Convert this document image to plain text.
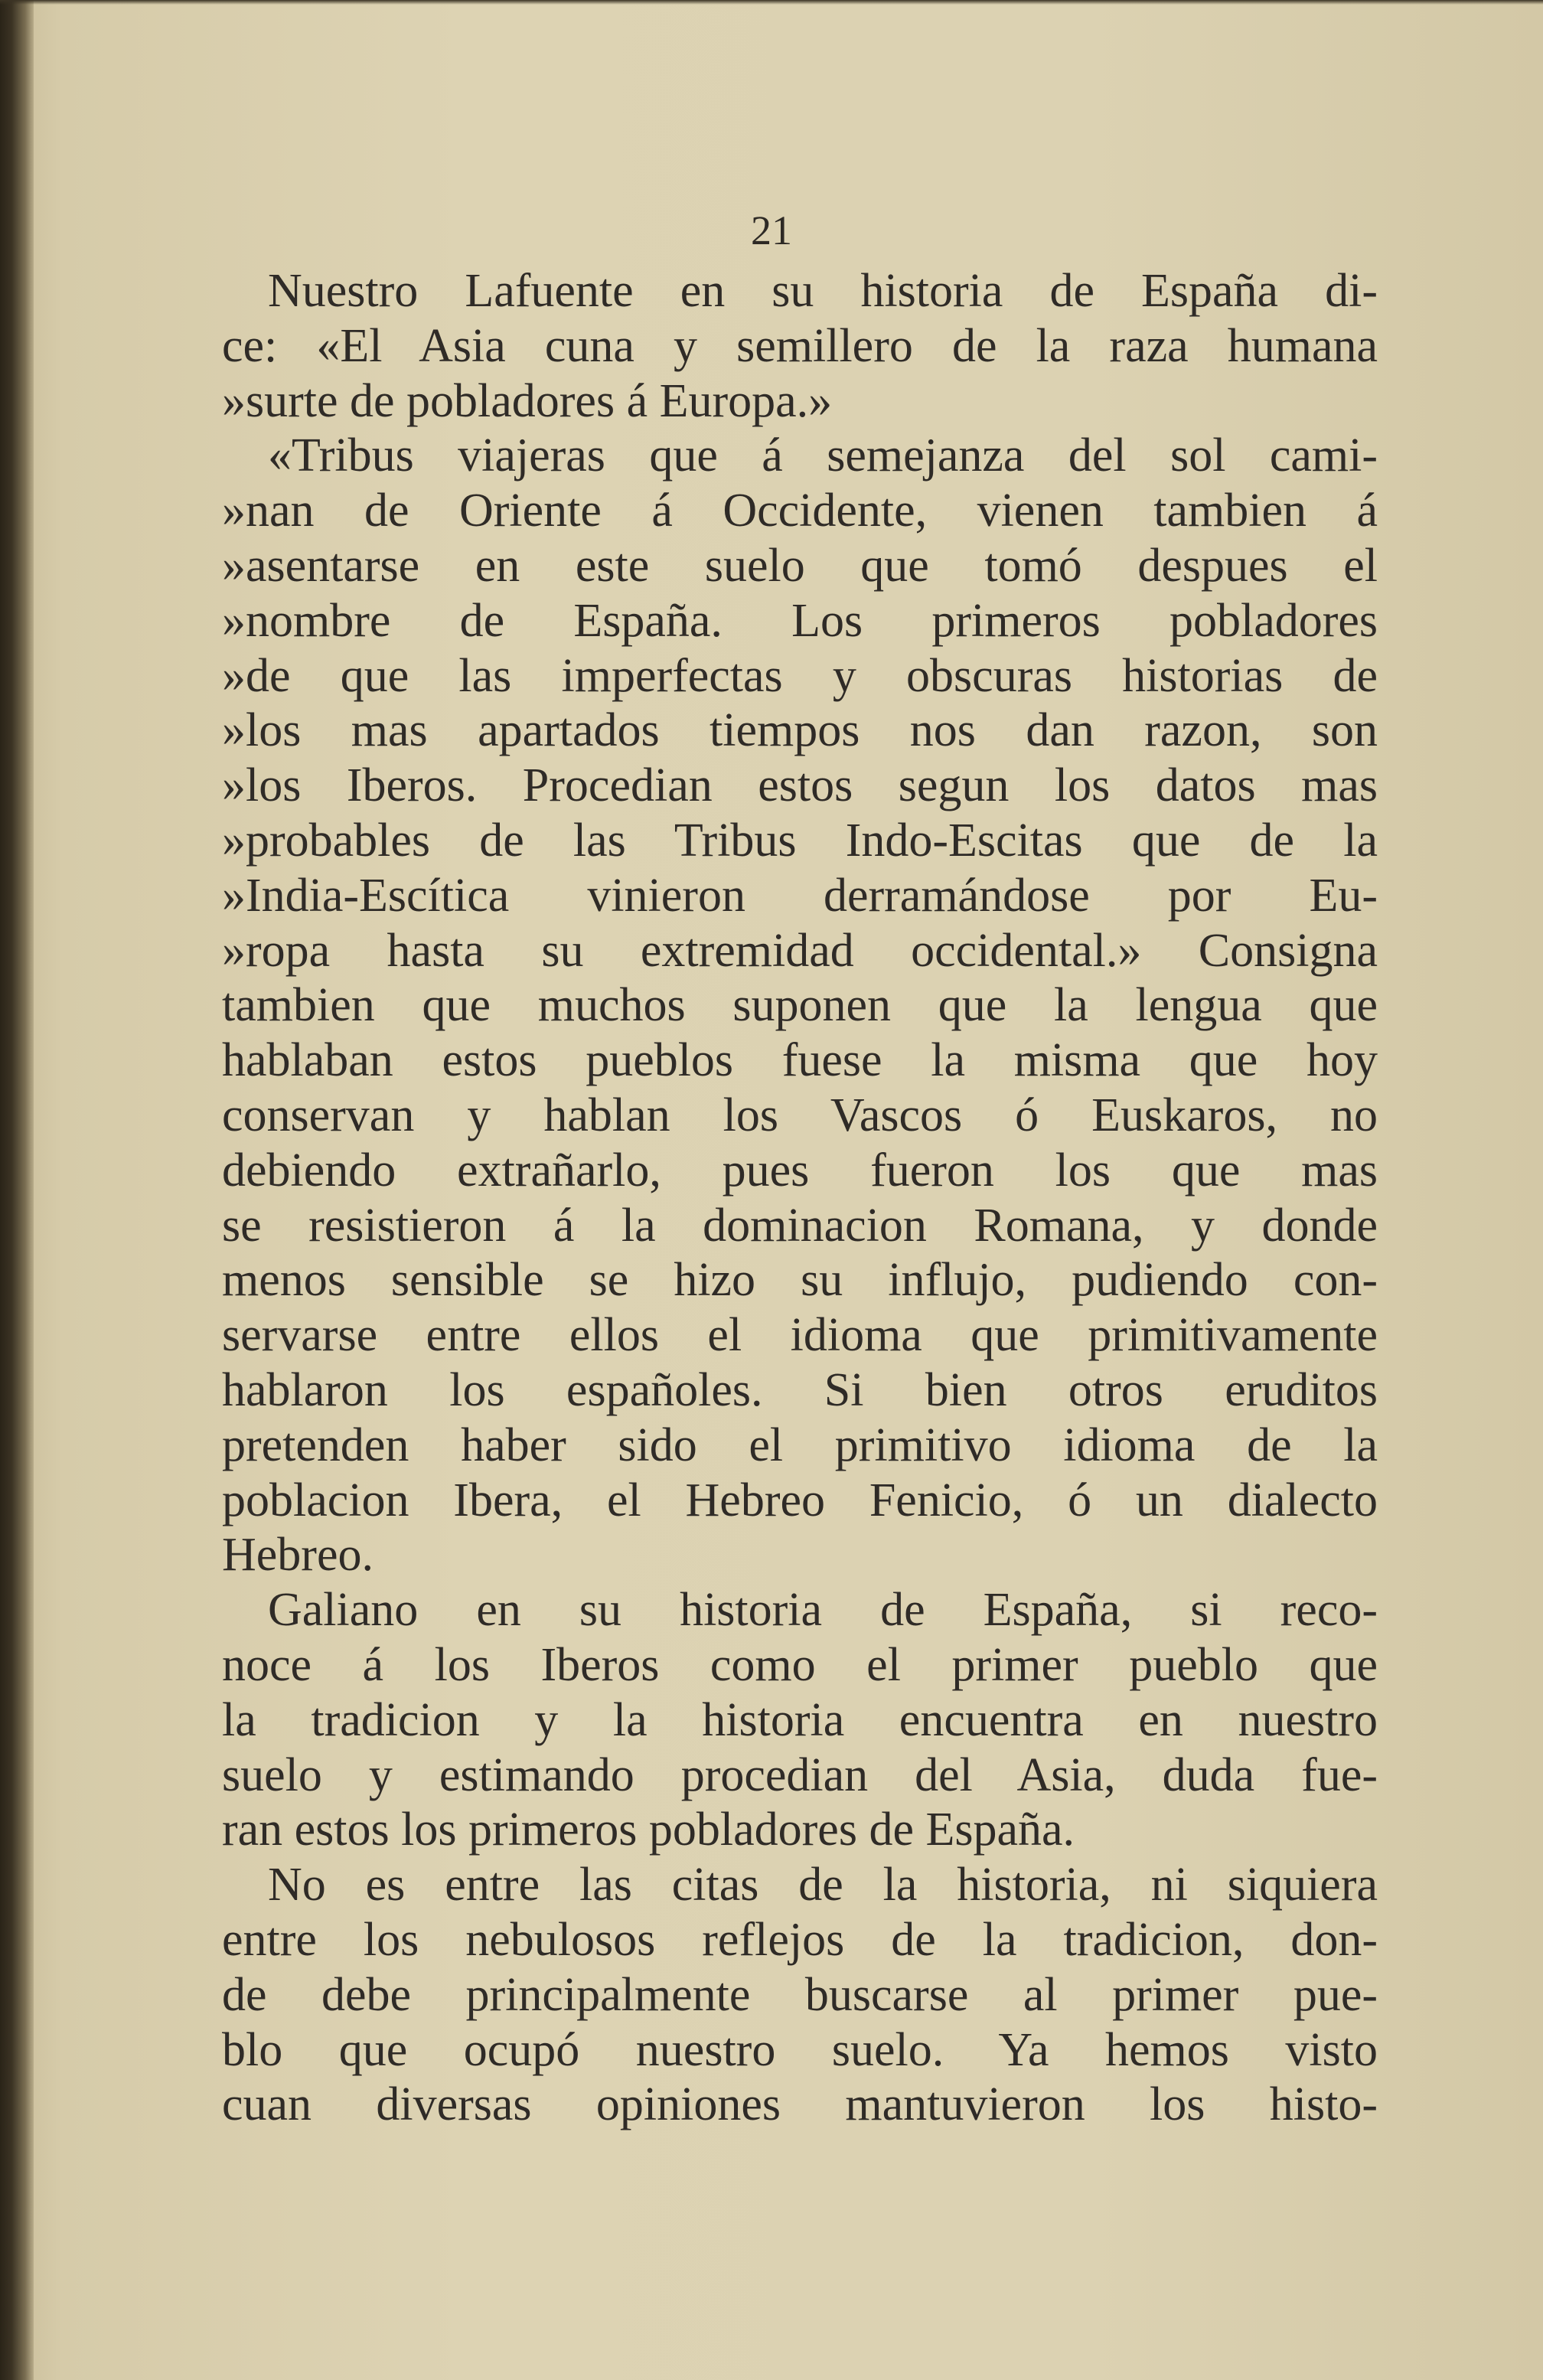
21
Nuestro Lafuente en su historia de España di-
ce: «El Asia cuna y semillero de la raza humana
»surte de pobladores á Europa.»
«Tribus viajeras que á semejanza del sol cami-
»nan de Oriente á Occidente, vienen tambien á
»asentarse en este suelo que tomó despues el
»nombre de España. Los primeros pobladores
»de que las imperfectas y obscuras historias de
»los mas apartados tiempos nos dan razon, son
»los Iberos. Procedian estos segun los datos mas
»probables de las Tribus Indo-Escitas que de la
»India-Escítica vinieron derramándose por Eu-
»ropa hasta su extremidad occidental.» Consigna
tambien que muchos suponen que la lengua que
hablaban estos pueblos fuese la misma que hoy
conservan y hablan los Vascos ó Euskaros, no
debiendo extrañarlo, pues fueron los que mas
se resistieron á la dominacion Romana, y donde
menos sensible se hizo su influjo, pudiendo con-
servarse entre ellos el idioma que primitivamente
hablaron los españoles. Si bien otros eruditos
pretenden haber sido el primitivo idioma de la
poblacion Ibera, el Hebreo Fenicio, ó un dialecto
Hebreo.
Galiano en su historia de España, si reco-
noce á los Iberos como el primer pueblo que
la tradicion y la historia encuentra en nuestro
suelo y estimando procedian del Asia, duda fue-
ran estos los primeros pobladores de España.
No es entre las citas de la historia, ni siquiera
entre los nebulosos reflejos de la tradicion, don-
de debe principalmente buscarse al primer pue-
blo que ocupó nuestro suelo. Ya hemos visto
cuan diversas opiniones mantuvieron los histo-
